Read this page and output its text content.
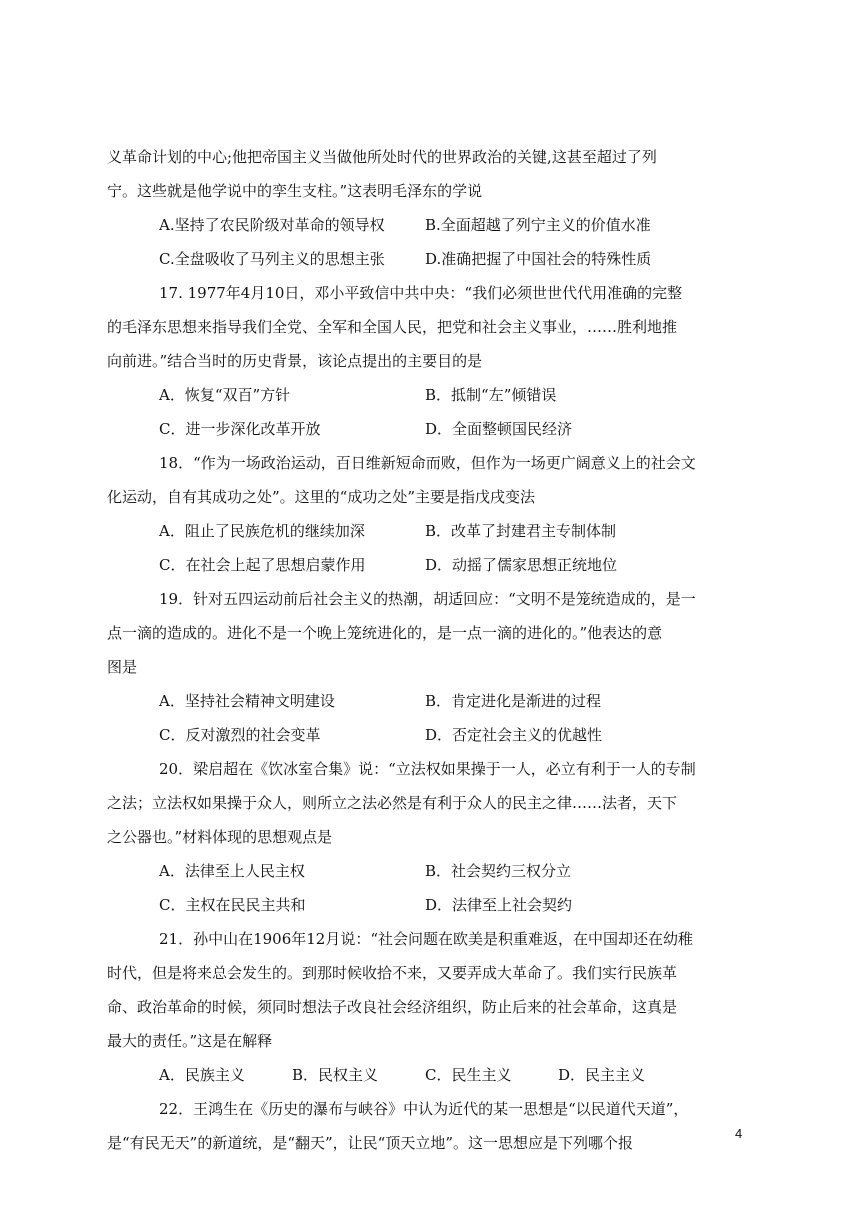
义革命计划的中心;他把帝国主义当做他所处时代的世界政治的关键,这甚至超过了列
宁。这些就是他学说中的孪生支柱。”这表明毛泽东的学说
A.坚持了农民阶级对革命的领导权	B.全面超越了列宁主义的价值水准
C.全盘吸收了马列主义的思想主张	D.准确把握了中国社会的特殊性质
17. 1977年4月10日，邓小平致信中共中央：“我们必须世世代代用准确的完整
的毛泽东思想来指导我们全党、全军和全国人民，把党和社会主义事业，……胜利地推
向前进。”结合当时的历史背景，该论点提出的主要目的是
A．恢复“双百”方针	B．抵制“左”倾错误
C．进一步深化改革开放	D．全面整顿国民经济
18．“作为一场政治运动，百日维新短命而败，但作为一场更广阔意义上的社会文
化运动，自有其成功之处”。这里的“成功之处”主要是指戊戌变法
A．阻止了民族危机的继续加深	B．改革了封建君主专制体制
C．在社会上起了思想启蒙作用	D．动摇了儒家思想正统地位
19．针对五四运动前后社会主义的热潮，胡适回应：“文明不是笼统造成的，是一
点一滴的造成的。进化不是一个晚上笼统进化的，是一点一滴的进化的。”他表达的意
图是
A．坚持社会精神文明建设	B．肯定进化是渐进的过程
C．反对激烈的社会变革	D．否定社会主义的优越性
20．梁启超在《饮冰室合集》说：“立法权如果操于一人，必立有利于一人的专制
之法；立法权如果操于众人，则所立之法必然是有利于众人的民主之律……法者，天下
之公器也。”材料体现的思想观点是
A．法律至上人民主权	B．社会契约三权分立
C．主权在民民主共和	D．法律至上社会契约
21．孙中山在1906年12月说：“社会问题在欧美是积重难返，在中国却还在幼稚
时代，但是将来总会发生的。到那时候收拾不来，又要弄成大革命了。我们实行民族革
命、政治革命的时候，须同时想法子改良社会经济组织，防止后来的社会革命，这真是
最大的责任。”这是在解释
A．民族主义	B．民权主义	C．民生主义	D．民主主义
22．王鸿生在《历史的瀑布与峡谷》中认为近代的某一思想是“以民道代天道”，
是“有民无天”的新道统，是“翻天”，让民“顶天立地”。这一思想应是下列哪个报
4
